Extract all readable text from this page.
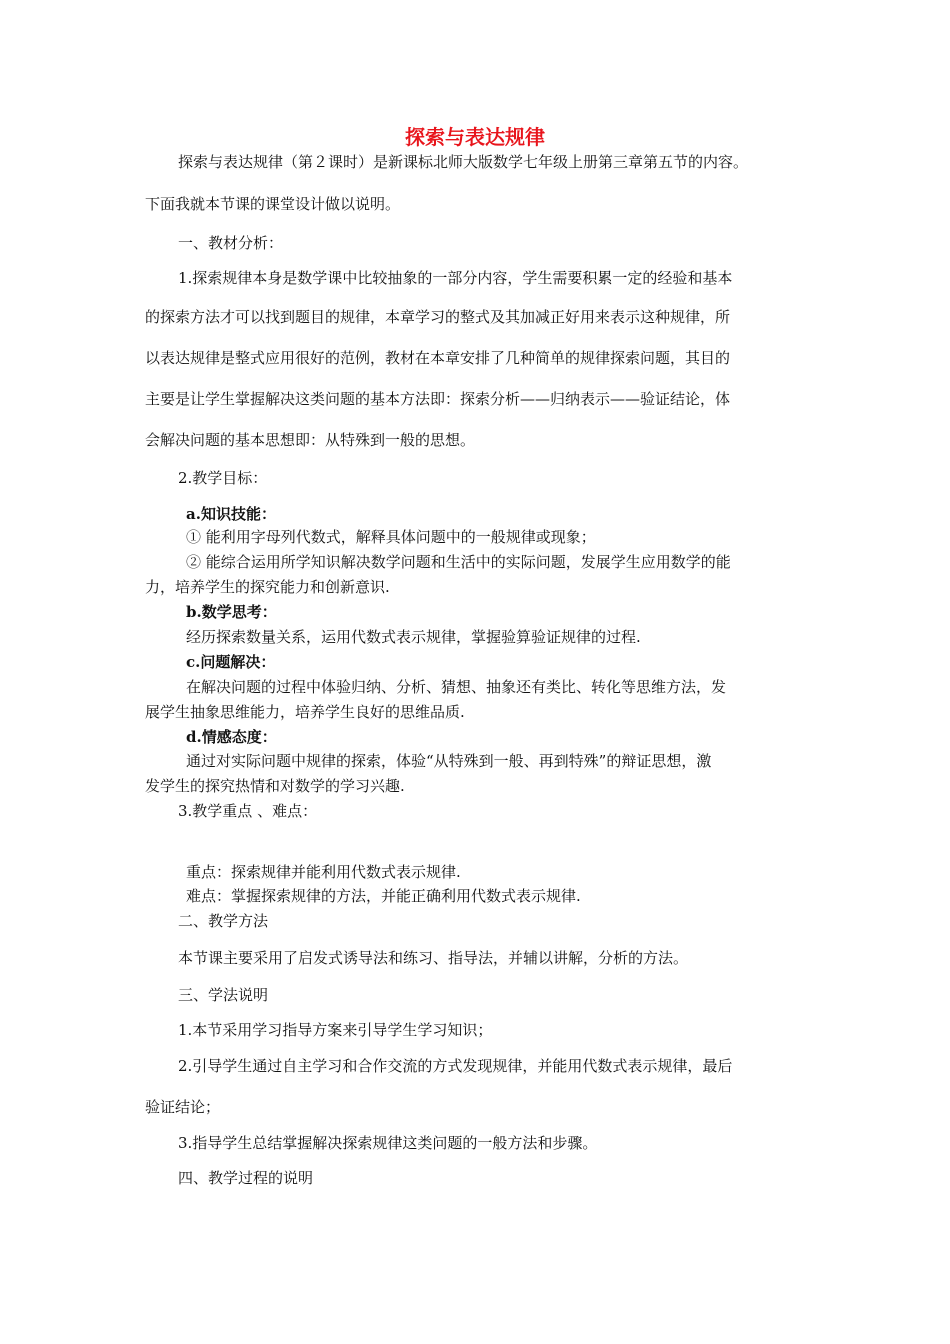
探索与表达规律
探索与表达规律（第２课时）是新课标北师大版数学七年级上册第三章第五节的内容。
下面我就本节课的课堂设计做以说明。
一、教材分析：
1.探索规律本身是数学课中比较抽象的一部分内容，学生需要积累一定的经验和基本
的探索方法才可以找到题目的规律，本章学习的整式及其加减正好用来表示这种规律，所
以表达规律是整式应用很好的范例，教材在本章安排了几种简单的规律探索问题，其目的
主要是让学生掌握解决这类问题的基本方法即：探索分析——归纳表示——验证结论，体
会解决问题的基本思想即：从特殊到一般的思想。
2.教学目标：
a.知识技能：
① 能利用字母列代数式，解释具体问题中的一般规律或现象；
② 能综合运用所学知识解决数学问题和生活中的实际问题，发展学生应用数学的能
力，培养学生的探究能力和创新意识.
b.数学思考：
经历探索数量关系，运用代数式表示规律，掌握验算验证规律的过程.
c.问题解决：
在解决问题的过程中体验归纳、分析、猜想、抽象还有类比、转化等思维方法，发
展学生抽象思维能力，培养学生良好的思维品质.
d.情感态度：
通过对实际问题中规律的探索，体验“从特殊到一般、再到特殊”的辩证思想，激
发学生的探究热情和对数学的学习兴趣.
3.教学重点 、难点：
重点：探索规律并能利用代数式表示规律.
难点：掌握探索规律的方法，并能正确利用代数式表示规律.
二、教学方法
本节课主要采用了启发式诱导法和练习、指导法，并辅以讲解，分析的方法。
三、学法说明
1.本节采用学习指导方案来引导学生学习知识；
2.引导学生通过自主学习和合作交流的方式发现规律，并能用代数式表示规律，最后
验证结论；
3.指导学生总结掌握解决探索规律这类问题的一般方法和步骤。
四、教学过程的说明
